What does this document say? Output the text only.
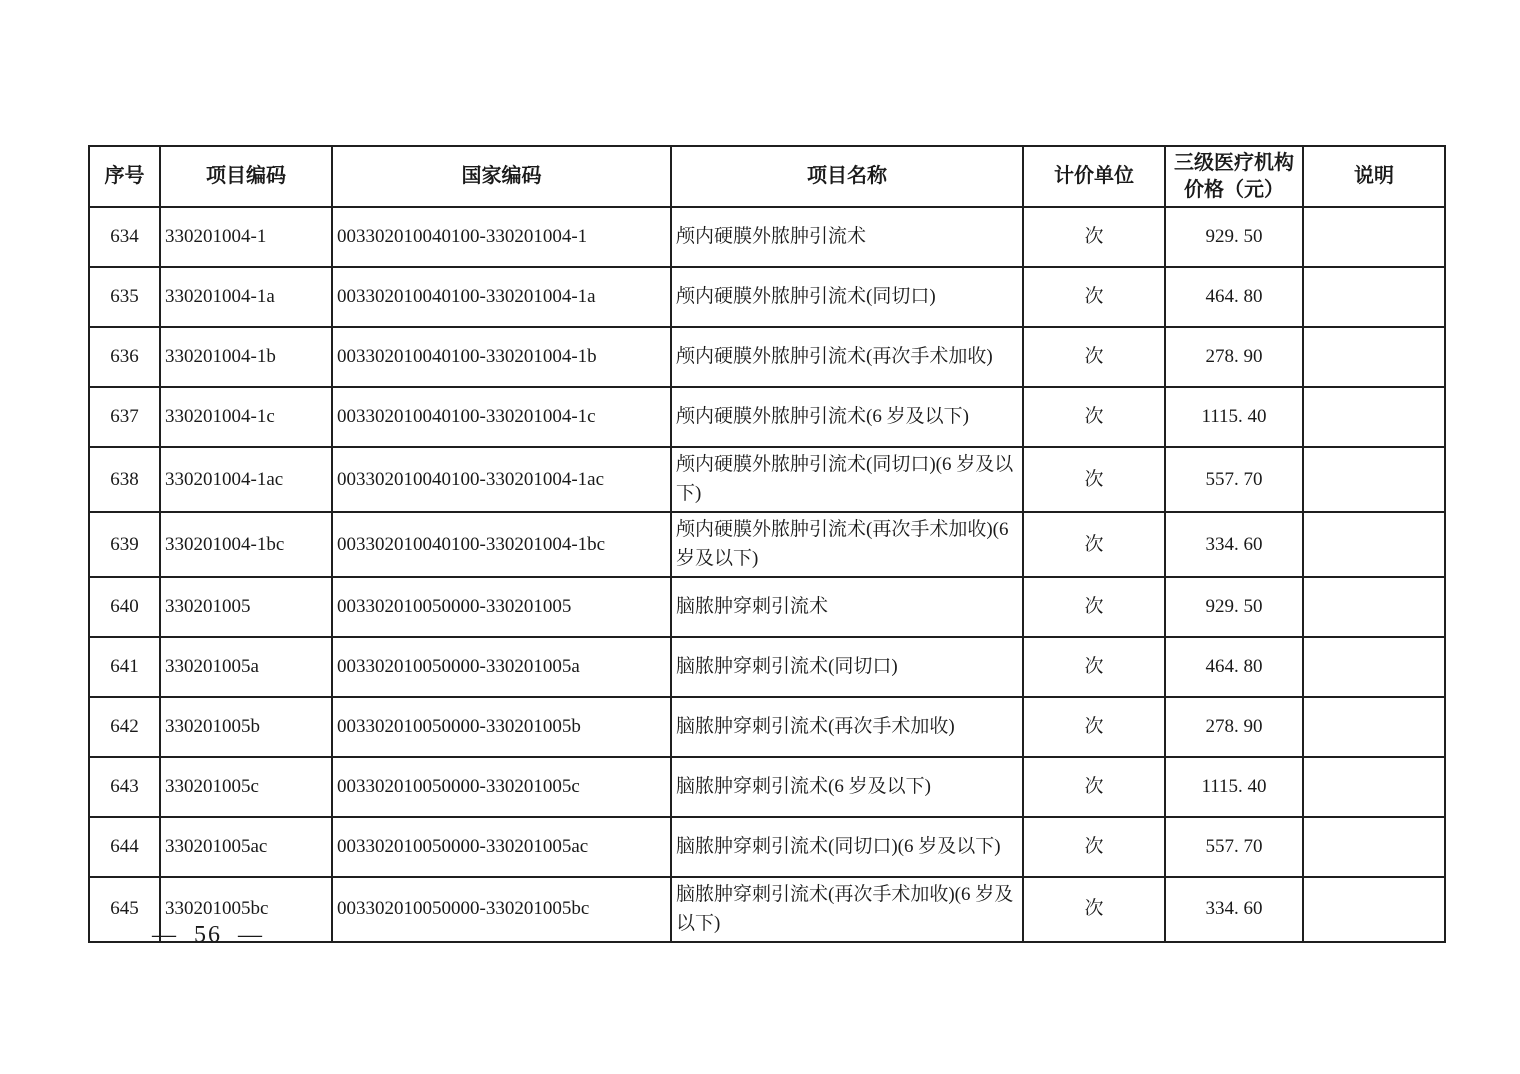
序号	项目编码	国家编码	项目名称	计价单位	三级医疗机构价格（元）	说明
634	330201004-1	003302010040100-330201004-1	颅内硬膜外脓肿引流术	次	929. 50	
635	330201004-1a	003302010040100-330201004-1a	颅内硬膜外脓肿引流术(同切口)	次	464. 80	
636	330201004-1b	003302010040100-330201004-1b	颅内硬膜外脓肿引流术(再次手术加收)	次	278. 90	
637	330201004-1c	003302010040100-330201004-1c	颅内硬膜外脓肿引流术(6 岁及以下)	次	1115. 40	
638	330201004-1ac	003302010040100-330201004-1ac	颅内硬膜外脓肿引流术(同切口)(6 岁及以下)	次	557. 70	
639	330201004-1bc	003302010040100-330201004-1bc	颅内硬膜外脓肿引流术(再次手术加收)(6 岁及以下)	次	334. 60	
640	330201005	003302010050000-330201005	脑脓肿穿刺引流术	次	929. 50	
641	330201005a	003302010050000-330201005a	脑脓肿穿刺引流术(同切口)	次	464. 80	
642	330201005b	003302010050000-330201005b	脑脓肿穿刺引流术(再次手术加收)	次	278. 90	
643	330201005c	003302010050000-330201005c	脑脓肿穿刺引流术(6 岁及以下)	次	1115. 40	
644	330201005ac	003302010050000-330201005ac	脑脓肿穿刺引流术(同切口)(6 岁及以下)	次	557. 70	
645	330201005bc	003302010050000-330201005bc	脑脓肿穿刺引流术(再次手术加收)(6 岁及以下)	次	334. 60	
—  56  —
